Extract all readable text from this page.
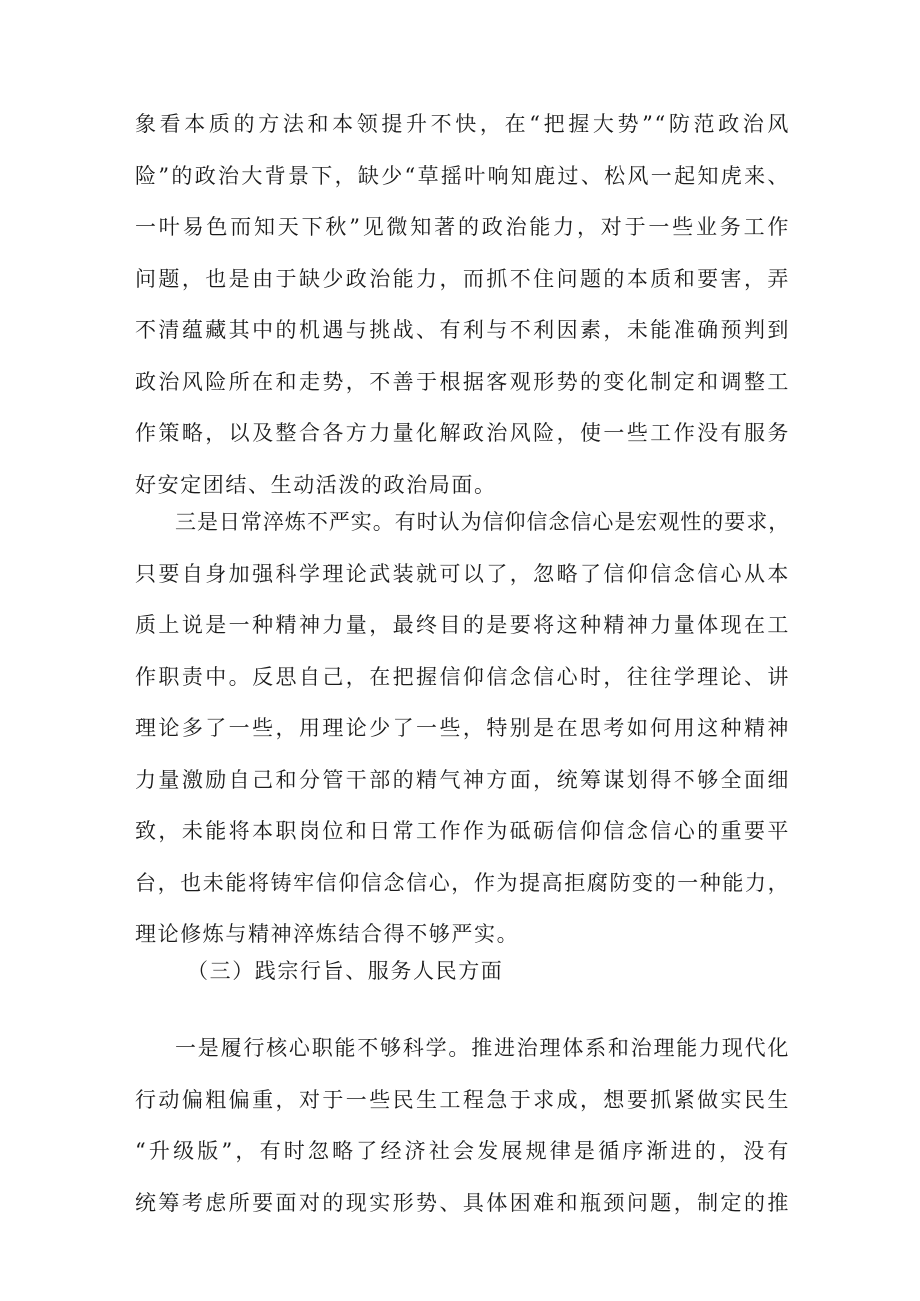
象看本质的方法和本领提升不快，在“把握大势”“防范政治风
险”的政治大背景下，缺少“草摇叶响知鹿过、松风一起知虎来、
一叶易色而知天下秋”见微知著的政治能力，对于一些业务工作
问题，也是由于缺少政治能力，而抓不住问题的本质和要害，弄
不清蕴藏其中的机遇与挑战、有利与不利因素，未能准确预判到
政治风险所在和走势，不善于根据客观形势的变化制定和调整工
作策略，以及整合各方力量化解政治风险，使一些工作没有服务
好安定团结、生动活泼的政治局面。
三是日常淬炼不严实。有时认为信仰信念信心是宏观性的要求，
只要自身加强科学理论武装就可以了，忽略了信仰信念信心从本
质上说是一种精神力量，最终目的是要将这种精神力量体现在工
作职责中。反思自己，在把握信仰信念信心时，往往学理论、讲
理论多了一些，用理论少了一些，特别是在思考如何用这种精神
力量激励自己和分管干部的精气神方面，统筹谋划得不够全面细
致，未能将本职岗位和日常工作作为砥砺信仰信念信心的重要平
台，也未能将铸牢信仰信念信心，作为提高拒腐防变的一种能力，
理论修炼与精神淬炼结合得不够严实。
（三）践宗行旨、服务人民方面
一是履行核心职能不够科学。推进治理体系和治理能力现代化
行动偏粗偏重，对于一些民生工程急于求成，想要抓紧做实民生
“升级版”，有时忽略了经济社会发展规律是循序渐进的，没有
统筹考虑所要面对的现实形势、具体困难和瓶颈问题，制定的推
